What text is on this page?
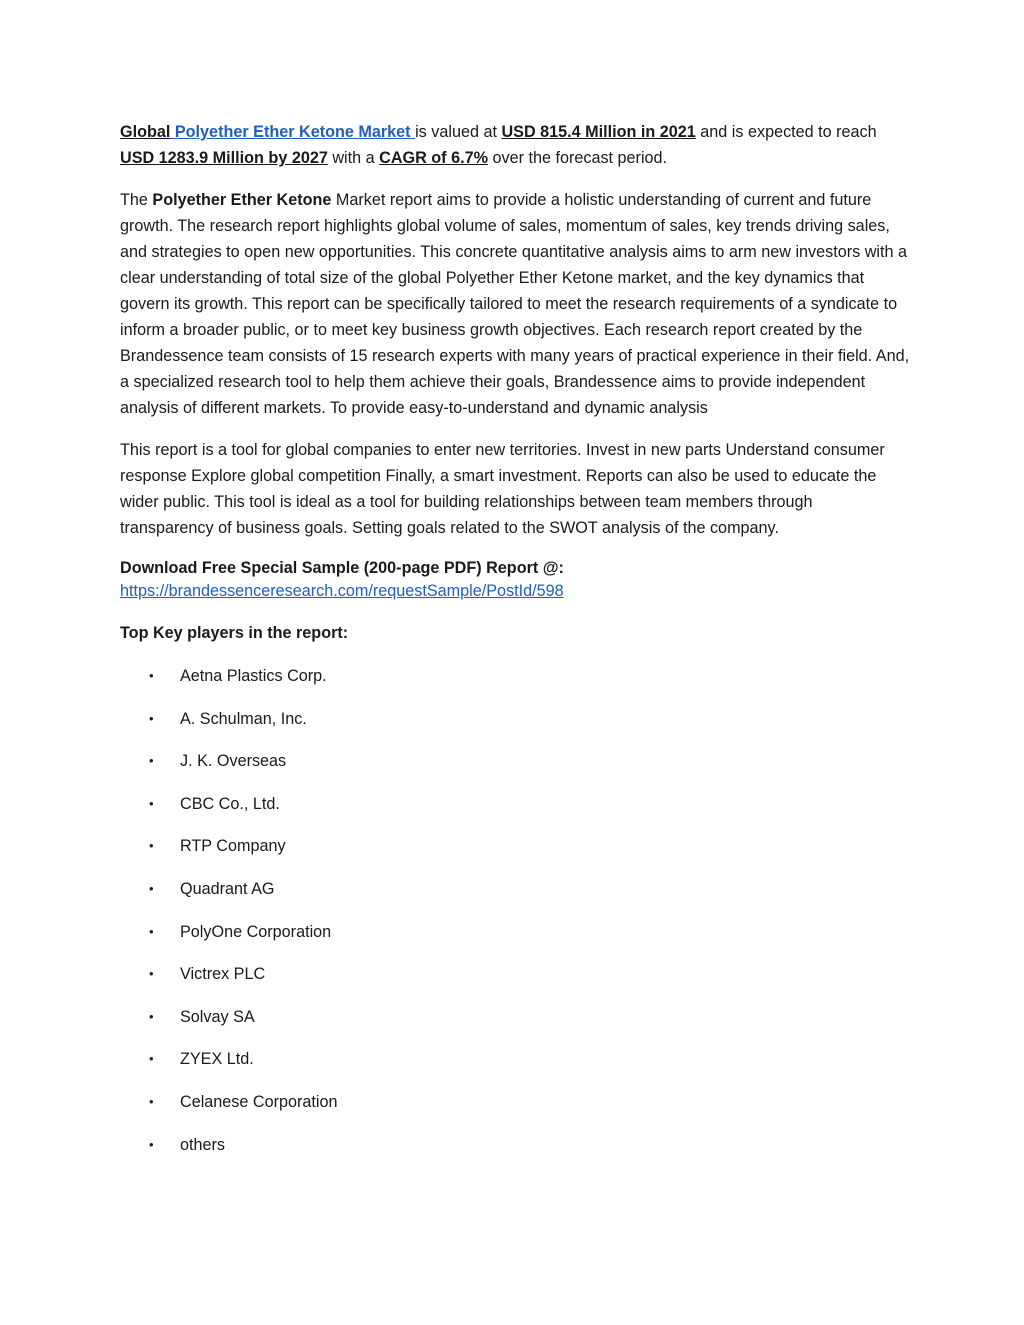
Global Polyether Ether Ketone Market is valued at USD 815.4 Million in 2021 and is expected to reach USD 1283.9 Million by 2027 with a CAGR of 6.7% over the forecast period.

The Polyether Ether Ketone Market report aims to provide a holistic understanding of current and future growth. The research report highlights global volume of sales, momentum of sales, key trends driving sales, and strategies to open new opportunities. This concrete quantitative analysis aims to arm new investors with a clear understanding of total size of the global Polyether Ether Ketone market, and the key dynamics that govern its growth. This report can be specifically tailored to meet the research requirements of a syndicate to inform a broader public, or to meet key business growth objectives. Each research report created by the Brandessence team consists of 15 research experts with many years of practical experience in their field. And, a specialized research tool to help them achieve their goals, Brandessence aims to provide independent analysis of different markets. To provide easy-to-understand and dynamic analysis

This report is a tool for global companies to enter new territories. Invest in new parts Understand consumer response Explore global competition Finally, a smart investment. Reports can also be used to educate the wider public. This tool is ideal as a tool for building relationships between team members through transparency of business goals. Setting goals related to the SWOT analysis of the company.

Download Free Special Sample (200-page PDF) Report @:
https://brandessenceresearch.com/requestSample/PostId/598

Top Key players in the report:

• Aetna Plastics Corp.
• A. Schulman, Inc.
• J. K. Overseas
• CBC Co., Ltd.
• RTP Company
• Quadrant AG
• PolyOne Corporation
• Victrex PLC
• Solvay SA
• ZYEX Ltd.
• Celanese Corporation
• others
